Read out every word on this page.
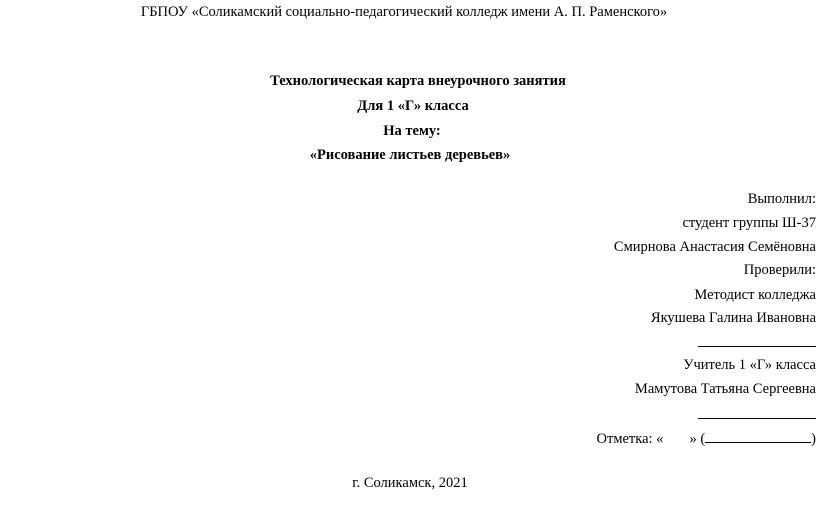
ГБПОУ «Соликамский социально-педагогический колледж имени А. П. Раменского»
Технологическая карта внеурочного занятия
Для 1 «Г» класса
На тему:
«Рисование листьев деревьев»
Выполнил:
студент группы Ш-37
Смирнова Анастасия Семёновна
Проверили:
Методист колледжа
Якушева Галина Ивановна
Учитель 1 «Г» класса
Мамутова Татьяна Сергеевна
Отметка: « » (	)
г. Соликамск, 2021
